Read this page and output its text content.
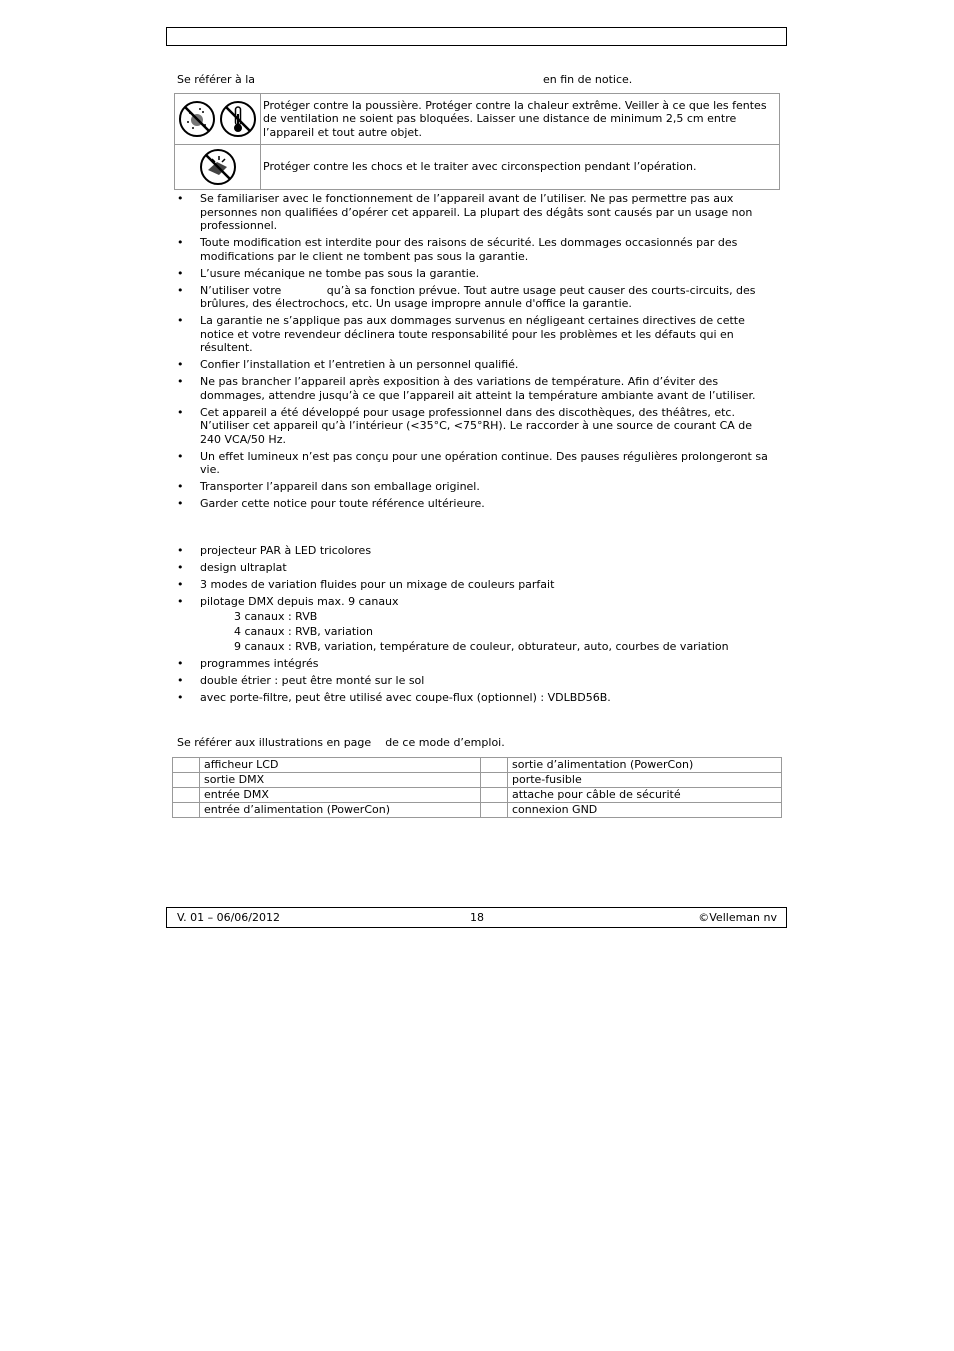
Se référer à la	en fin de notice.
	Protéger contre la poussière. Protéger contre la chaleur extrême. Veiller à ce que les fentes de ventilation ne soient pas bloquées. Laisser une distance de minimum 2,5 cm entre l’appareil et tout autre objet.
	Protéger contre les chocs et le traiter avec circonspection pendant l’opération.
• Se familiariser avec le fonctionnement de l’appareil avant de l’utiliser. Ne pas permettre pas aux personnes non qualifiées d’opérer cet appareil. La plupart des dégâts sont causés par un usage non professionnel.
• Toute modification est interdite pour des raisons de sécurité. Les dommages occasionnés par des modifications par le client ne tombent pas sous la garantie.
• L’usure mécanique ne tombe pas sous la garantie.
• N’utiliser votre             qu’à sa fonction prévue. Tout autre usage peut causer des courts-circuits, des brûlures, des électrochocs, etc. Un usage impropre annule d'office la garantie.
• La garantie ne s’applique pas aux dommages survenus en négligeant certaines directives de cette notice et votre revendeur déclinera toute responsabilité pour les problèmes et les défauts qui en résultent.
• Confier l’installation et l’entretien à un personnel qualifié.
• Ne pas brancher l’appareil après exposition à des variations de température. Afin d’éviter des dommages, attendre jusqu’à ce que l’appareil ait atteint la température ambiante avant de l’utiliser.
• Cet appareil a été développé pour usage professionnel dans des discothèques, des théâtres, etc. N’utiliser cet appareil qu’à l’intérieur (<35°C, <75°RH). Le raccorder à une source de courant CA de 240 VCA/50 Hz.
• Un effet lumineux n’est pas conçu pour une opération continue. Des pauses régulières prolongeront sa vie.
• Transporter l’appareil dans son emballage originel.
• Garder cette notice pour toute référence ultérieure.
• projecteur PAR à LED tricolores
• design ultraplat
• 3 modes de variation fluides pour un mixage de couleurs parfait
• pilotage DMX depuis max. 9 canaux
3 canaux : RVB
4 canaux : RVB, variation
9 canaux : RVB, variation, température de couleur, obturateur, auto, courbes de variation
• programmes intégrés
• double étrier : peut être monté sur le sol
• avec porte-filtre, peut être utilisé avec coupe-flux (optionnel) : VDLBD56B.
Se référer aux illustrations en page de ce mode d’emploi.
	afficheur LCD		sortie d’alimentation (PowerCon)
	sortie DMX		porte-fusible
	entrée DMX		attache pour câble de sécurité
	entrée d’alimentation (PowerCon)		connexion GND
V. 01 – 06/06/2012	18	©Velleman nv
